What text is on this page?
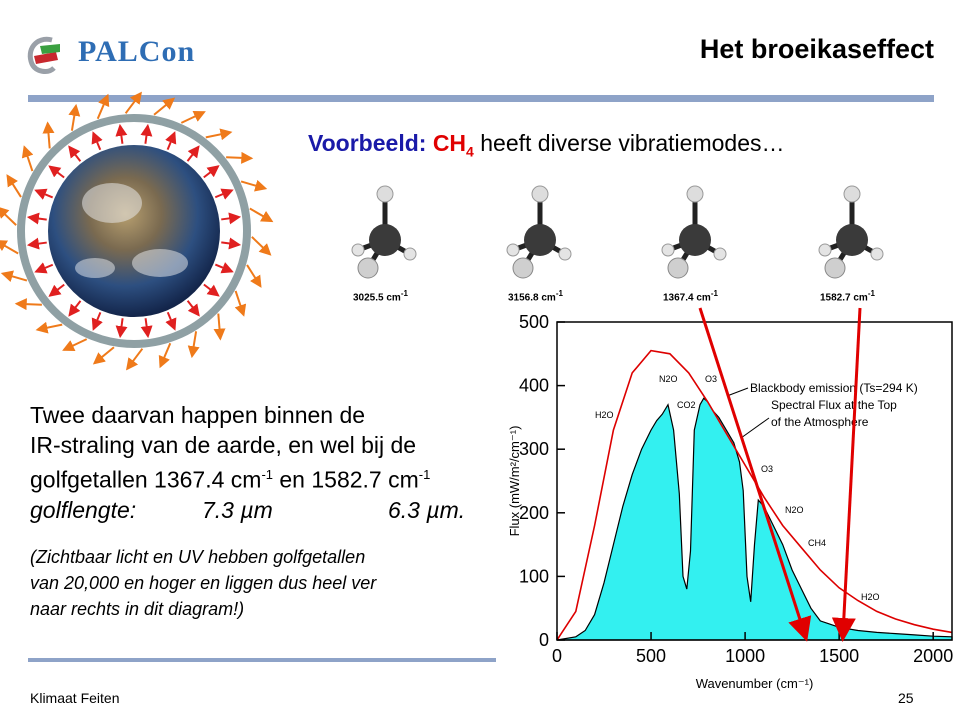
PALCon	Het broeikaseffect
Voorbeeld: $CH_4$ heeft diverse vibratiemodes…
3025.5 $cm^{-1}$	3156.8 $cm^{-1}$	1367.4 $cm^{-1}$	1582.7 $cm^{-1}$
0	500	1000	1500	2000
0
100
200
300
400
500
Wavenumber (cm⁻¹)
Flux (mW/m²/cm⁻¹)
Blackbody emission (Ts=294 K)
Spectral Flux at the Top
of the Atmosphere
H2O
N2O	O3
CO2
O3
N2O
CH4
H2O
Twee daarvan happen binnen de
IR-straling van de aarde, en wel bij de
golfgetallen 1367.4 $cm^{-1}$ en 1582.7 $cm^{-1}$
golflengte:	7.3 µm	6.3 µm.
(Zichtbaar licht en UV hebben golfgetallen
van 20,000 en hoger en liggen dus heel ver
naar rechts in dit diagram!)
Klimaat Feiten	25
